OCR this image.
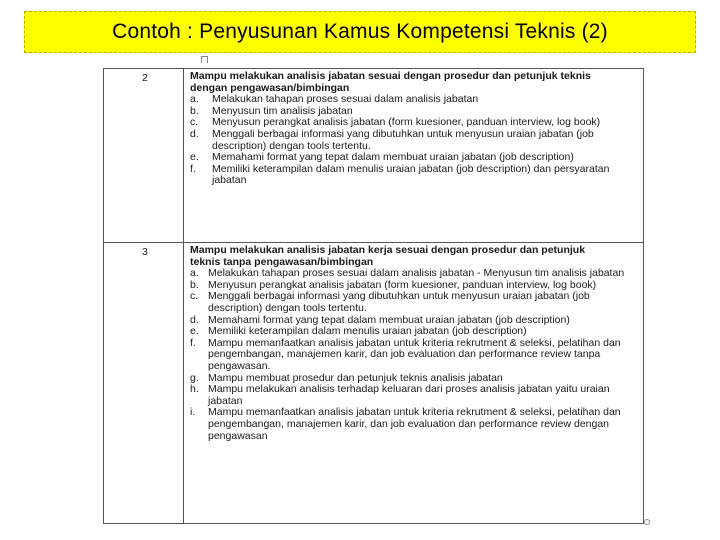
Contoh : Penyusunan Kamus Kompetensi Teknis (2)
2	Mampu melakukan analisis jabatan sesuai dengan prosedur dan petunjuk teknis
dengan pengawasan/bimbingan
a.	Melakukan tahapan proses sesuai dalam analisis jabatan
b.	Menyusun tim analisis jabatan
c.	Menyusun perangkat analisis jabatan (form kuesioner, panduan interview, log book)
d.	Menggali berbagai informasi yang dibutuhkan untuk menyusun uraian jabatan (job description) dengan tools tertentu.
e.	Memahami format yang tepat dalam membuat uraian jabatan (job description)
f.	Memiliki keterampilan dalam menulis uraian jabatan (job description) dan persyaratan jabatan
3	Mampu melakukan analisis jabatan kerja sesuai dengan prosedur dan petunjuk
teknis tanpa pengawasan/bimbingan
a. Melakukan tahapan proses sesuai dalam analisis jabatan - Menyusun tim analisis jabatan
b. Menyusun perangkat analisis jabatan (form kuesioner, panduan interview, log book)
c. Menggali berbagai informasi yang dibutuhkan untuk menyusun uraian jabatan (job description) dengan tools tertentu.
d. Memahami format yang tepat dalam membuat uraian jabatan (job description)
e. Memiliki keterampilan dalam menulis uraian jabatan (job description)
f.	Mampu memanfaatkan analisis jabatan untuk kriteria rekrutment & seleksi, pelatihan dan pengembangan, manajemen karir, dan job evaluation dan performance review tanpa pengawasan.
g. Mampu membuat prosedur dan petunjuk teknis analisis jabatan
h. Mampu melakukan analisis terhadap keluaran dari proses analisis jabatan yaitu uraian jabatan
i.	Mampu memanfaatkan analisis jabatan untuk kriteria rekrutment & seleksi, pelatihan dan pengembangan, manajemen karir, dan job evaluation dan performance review dengan pengawasan
